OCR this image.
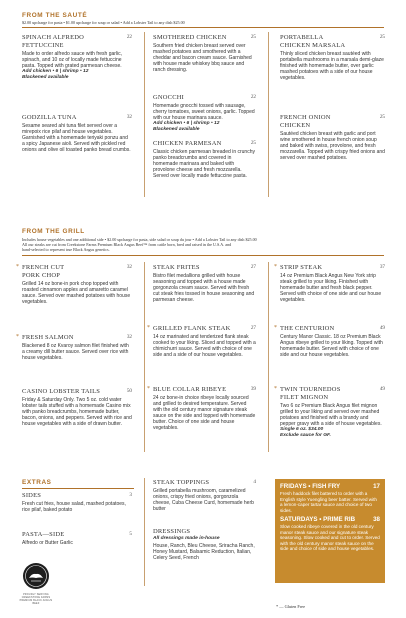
FROM THE SAUTÉ
$2.00 upcharge for pasta • $1.00 upcharge for soup or salad • Add a Lobster Tail to any dish $25.00
SPINACH ALFREDO
FETTUCCINE
22
Made to order alfredo sauce with fresh garlic, spinach, and 10 oz of locally made fettuccine pasta. Topped with grated parmesan cheese.
Add chicken • 6 | shrimp • 12
Blackened available
GODZILLA TUNA	32
Sesame seared ahi tuna filet served over a mirepoix rice pilaf and house vegetables. Garnished with a homemade teriyaki ponzu and a spicy Japanese aioli. Served with pickled red onions and olive oil toasted panko bread crumbs.
SMOTHERED CHICKEN	25
Southern fried chicken breast served over mashed potatoes and smothered with a cheddar and bacon cream sauce. Garnished with house made whiskey bbq sauce and ranch dressing.
GNOCCHI	22
Homemade gnocchi tossed with sausage, cherry tomatoes, sweet onions, garlic. Topped with our house marinara sauce.
Add chicken • 6 | shrimp • 12
Blackened available
CHICKEN PARMESAN	25
Classic chicken parmesan breaded in crunchy panko breadcrumbs and covered in homemade marinara and baked with provolone cheese and fresh mozzarella. Served over locally made fettuccine pasta.
PORTABELLA
CHICKEN MARSALA
25
Thinly sliced chicken breast sautéed with portabella mushrooms in a marsala demi-glaze finished with homemade butter, over garlic mashed potatoes with a side of our house vegetables.
FRENCH ONION
CHICKEN
25
Sautéed chicken breast with garlic and port wine smothered in house french onion soup and baked with swiss, provolone, and fresh mozzarella. Topped with crispy fried onions and served over mashed potatoes.
FROM THE GRILL
Includes house vegetables and one additional side • $2.00 upcharge for pasta, side salad or soup du jour • Add a Lobster Tail to any dish $25.00
All our steaks are cut from Creekstone Farms Premium Black Angus Beef™ from cattle born, bred and raised in the U.S.A. and
hand-selected to represent true Black Angus genetics.
* FRENCH CUT
PORK CHOP
32
Grilled 14 oz bone-in pork chop topped with roasted cinnamon apples and amaretto caramel sauce. Served over mashed potatoes with house vegetables.
* FRESH SALMON	32
Blackened 8 oz Kvaroy salmon filet finished with a creamy dill butter sauce. Served over rice with house vegetables.
CASINO LOBSTER TAILS	50
Friday & Saturday Only. Two 5 oz. cold water lobster tails stuffed with a homemade Casino mix with panko breadcrumbs, homemade butter, bacon, onions, and peppers. Served with rice and house vegetables with a side of drawn butter.
STEAK FRITES	27
Bistro filet medallions grilled with house seasoning and topped with a house made gorgonzola cream sauce. Served with fresh cut steak fries tossed in house seasoning and parmesan cheese.
* GRILLED FLANK STEAK	27
14 oz marinated and tenderized flank steak cooked to your liking. Sliced and topped with a chimichurri sauce. Served with choice of one side and a side of our house vegetables.
* BLUE COLLAR RIBEYE	39
24 oz bone-in choice ribeye locally sourced and grilled to desired temperature. Served with the old century manor signature steak sauce on the side and topped with homemade butter. Choice of one side and house vegetables.
* STRIP STEAK	37
14 oz Premium Black Angus New York strip steak grilled to your liking. Finished with homemade butter and fresh black pepper. Served with choice of one side and our house vegetables.
* THE CENTURION	49
Century Manor Classic. 18 oz Premium Black Angus ribeye grilled to your liking. Topped with homemade butter. Served with choice of one side and our house vegetables.
* TWIN TOURNEDOS
FILET MIGNON
49
Two 6 oz Premium Black Angus filet mignon grilled to your liking and served over mashed potatoes and finished with a brandy and pepper gravy with a side of house vegetables.
Single 6 oz. $34.00
Exclude sauce for GF.
EXTRAS
SIDES	3
Fresh cut fries, house salad, mashed potatoes, rice pilaf, baked potato
PASTA—SIDE	5
Alfredo or Butter Garlic
STEAK TOPPINGS	4
Grilled portabella mushroom, caramelized onions, crispy fried onions, gorgonzola cheese, Cuba Cheese Curd, homemade herb butter
DRESSINGS
All dressings made in-house
House, Ranch, Bleu Cheese, Sriracha Ranch, Honey Mustard, Balsamic Reduction, Italian, Celery Seed, French
PROUDLY SERVING CREEKSTONE FARMS PREMIUM BLACK ANGUS BEEF
FRIDAYS • FISH FRY	17
Fresh haddock filet battered to order with a English style Yuengling beer batter. Served with a lemon-caper tartar sauce and choice of two sides.
SATURDAYS • PRIME RIB	38
Slow cooked ribeye covered in the old century manor steak sauce and our signature steak seasoning. Slow cooked and cut to order. Served with the old century manor steak sauce on the side and choice of side and house vegetables.
* — Gluten Free
